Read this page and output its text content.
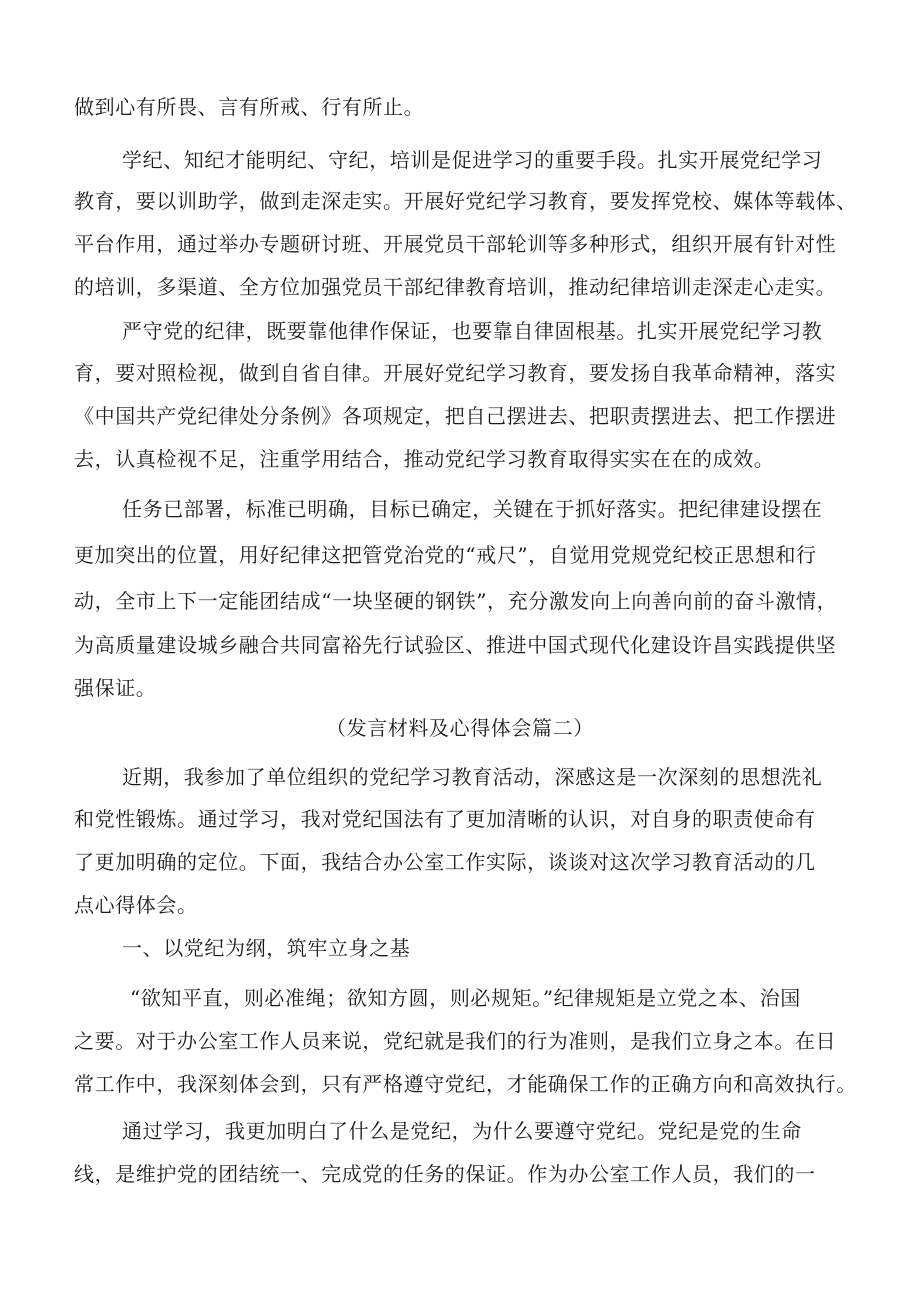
做到心有所畏、言有所戒、行有所止。
学纪、知纪才能明纪、守纪，培训是促进学习的重要手段。扎实开展党纪学习
教育，要以训助学，做到走深走实。开展好党纪学习教育，要发挥党校、媒体等载体、
平台作用，通过举办专题研讨班、开展党员干部轮训等多种形式，组织开展有针对性
的培训，多渠道、全方位加强党员干部纪律教育培训，推动纪律培训走深走心走实。
严守党的纪律，既要靠他律作保证，也要靠自律固根基。扎实开展党纪学习教
育，要对照检视，做到自省自律。开展好党纪学习教育，要发扬自我革命精神，落实
《中国共产党纪律处分条例》各项规定，把自己摆进去、把职责摆进去、把工作摆进
去，认真检视不足，注重学用结合，推动党纪学习教育取得实实在在的成效。
任务已部署，标准已明确，目标已确定，关键在于抓好落实。把纪律建设摆在
更加突出的位置，用好纪律这把管党治党的“戒尺”，自觉用党规党纪校正思想和行
动，全市上下一定能团结成“一块坚硬的钢铁”，充分激发向上向善向前的奋斗激情，
为高质量建设城乡融合共同富裕先行试验区、推进中国式现代化建设许昌实践提供坚
强保证。
（发言材料及心得体会篇二）
近期，我参加了单位组织的党纪学习教育活动，深感这是一次深刻的思想洗礼
和党性锻炼。通过学习，我对党纪国法有了更加清晰的认识，对自身的职责使命有
了更加明确的定位。下面，我结合办公室工作实际，谈谈对这次学习教育活动的几
点心得体会。
一、以党纪为纲，筑牢立身之基
“欲知平直，则必准绳；欲知方圆，则必规矩。”纪律规矩是立党之本、治国
之要。对于办公室工作人员来说，党纪就是我们的行为准则，是我们立身之本。在日
常工作中，我深刻体会到，只有严格遵守党纪，才能确保工作的正确方向和高效执行。
通过学习，我更加明白了什么是党纪，为什么要遵守党纪。党纪是党的生命
线，是维护党的团结统一、完成党的任务的保证。作为办公室工作人员，我们的一
